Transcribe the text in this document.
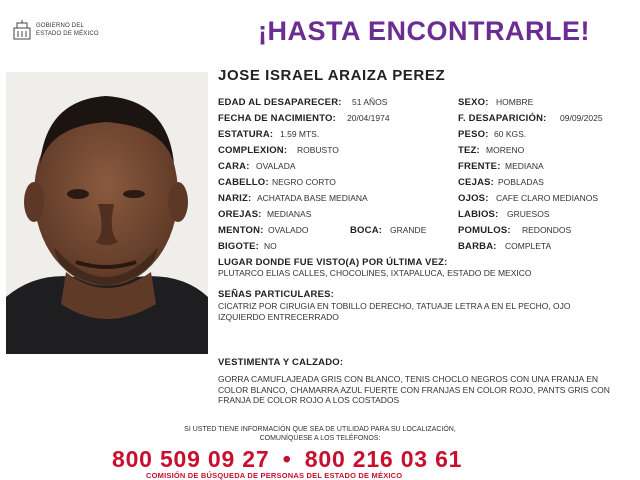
GOBIERNO DEL
ESTADO DE MÉXICO	¡HASTA ENCONTRARLE!
JOSE ISRAEL ARAIZA PEREZ
EDAD AL DESAPARECER: 51 AÑOS
FECHA DE NACIMIENTO: 20/04/1974
ESTATURA: 1.59 MTS.
COMPLEXION: ROBUSTO
CARA: OVALADA
CABELLO: NEGRO CORTO
NARIZ: ACHATADA BASE MEDIANA
OREJAS: MEDIANAS
MENTON: OVALADO	BOCA: GRANDE
BIGOTE: NO
SEXO: HOMBRE
F. DESAPARICIÓN: 09/09/2025
PESO: 60 KGS.
TEZ: MORENO
FRENTE: MEDIANA
CEJAS: POBLADAS
OJOS: CAFE CLARO MEDIANOS
LABIOS: GRUESOS
POMULOS: REDONDOS
BARBA: COMPLETA
LUGAR DONDE FUE VISTO(A) POR ÚLTIMA VEZ:
PLUTARCO ELIAS CALLES, CHOCOLINES, IXTAPALUCA, ESTADO DE MEXICO
SEÑAS PARTICULARES:
CICATRIZ POR CIRUGIA EN TOBILLO DERECHO, TATUAJE LETRA A EN EL PECHO, OJO IZQUIERDO ENTRECERRADO
VESTIMENTA Y CALZADO:
GORRA CAMUFLAJEADA GRIS CON BLANCO, TENIS CHOCLO NEGROS CON UNA FRANJA EN COLOR BLANCO, CHAMARRA AZUL FUERTE CON FRANJAS EN COLOR ROJO, PANTS GRIS CON FRANJA DE COLOR ROJO A LOS COSTADOS
SI USTED TIENE INFORMACIÓN QUE SEA DE UTILIDAD PARA SU LOCALIZACIÓN,
COMUNÍQUESE A LOS TELÉFONOS:
800 509 09 27 • 800 216 03 61
COMISIÓN DE BÚSQUEDA DE PERSONAS DEL ESTADO DE MÉXICO
